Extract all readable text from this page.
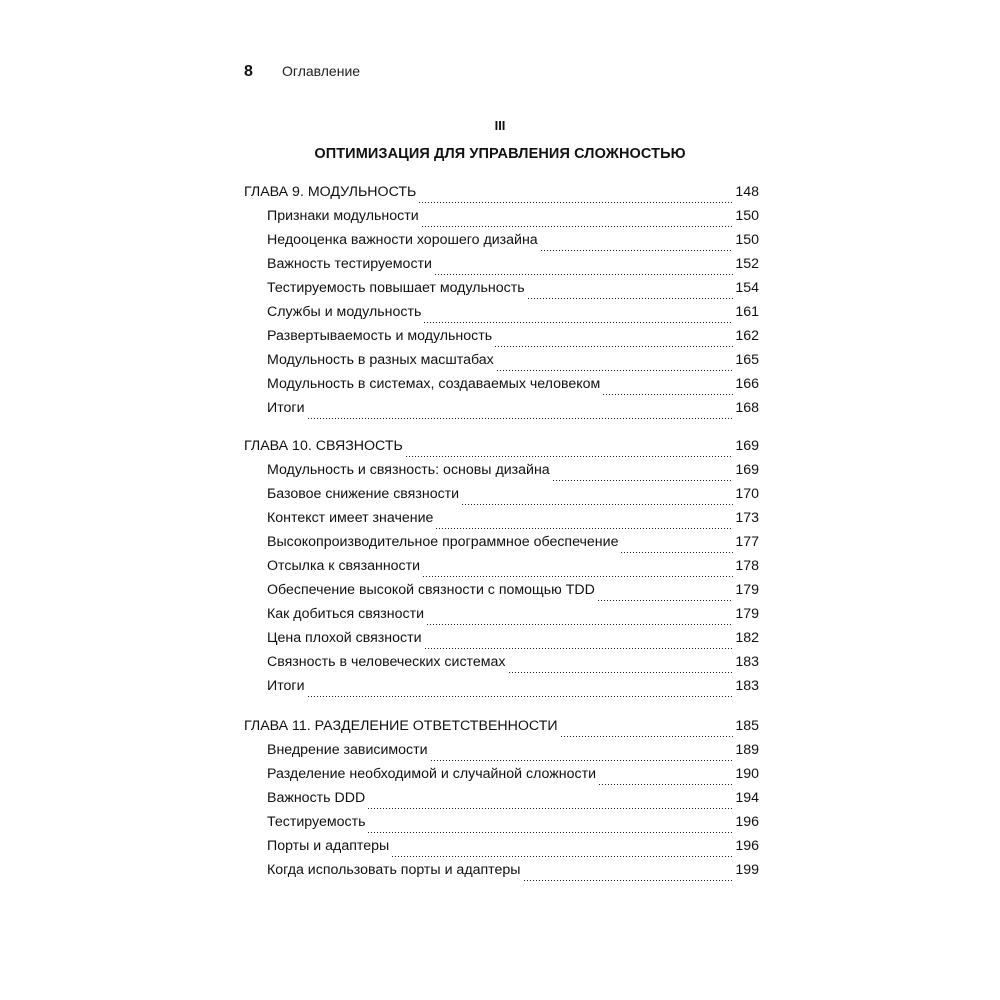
8	Оглавление
III
ОПТИМИЗАЦИЯ ДЛЯ УПРАВЛЕНИЯ СЛОЖНОСТЬЮ
ГЛАВА 9. МОДУЛЬНОСТЬ	148
Признаки модульности	150
Недооценка важности хорошего дизайна	150
Важность тестируемости	152
Тестируемость повышает модульность	154
Службы и модульность	161
Развертываемость и модульность	162
Модульность в разных масштабах	165
Модульность в системах, создаваемых человеком	166
Итоги	168
ГЛАВА 10. СВЯЗНОСТЬ	169
Модульность и связность: основы дизайна	169
Базовое снижение связности	170
Контекст имеет значение	173
Высокопроизводительное программное обеспечение	177
Отсылка к связанности	178
Обеспечение высокой связности с помощью TDD	179
Как добиться связности	179
Цена плохой связности	182
Связность в человеческих системах	183
Итоги	183
ГЛАВА 11. РАЗДЕЛЕНИЕ ОТВЕТСТВЕННОСТИ	185
Внедрение зависимости	189
Разделение необходимой и случайной сложности	190
Важность DDD	194
Тестируемость	196
Порты и адаптеры	196
Когда использовать порты и адаптеры	199
